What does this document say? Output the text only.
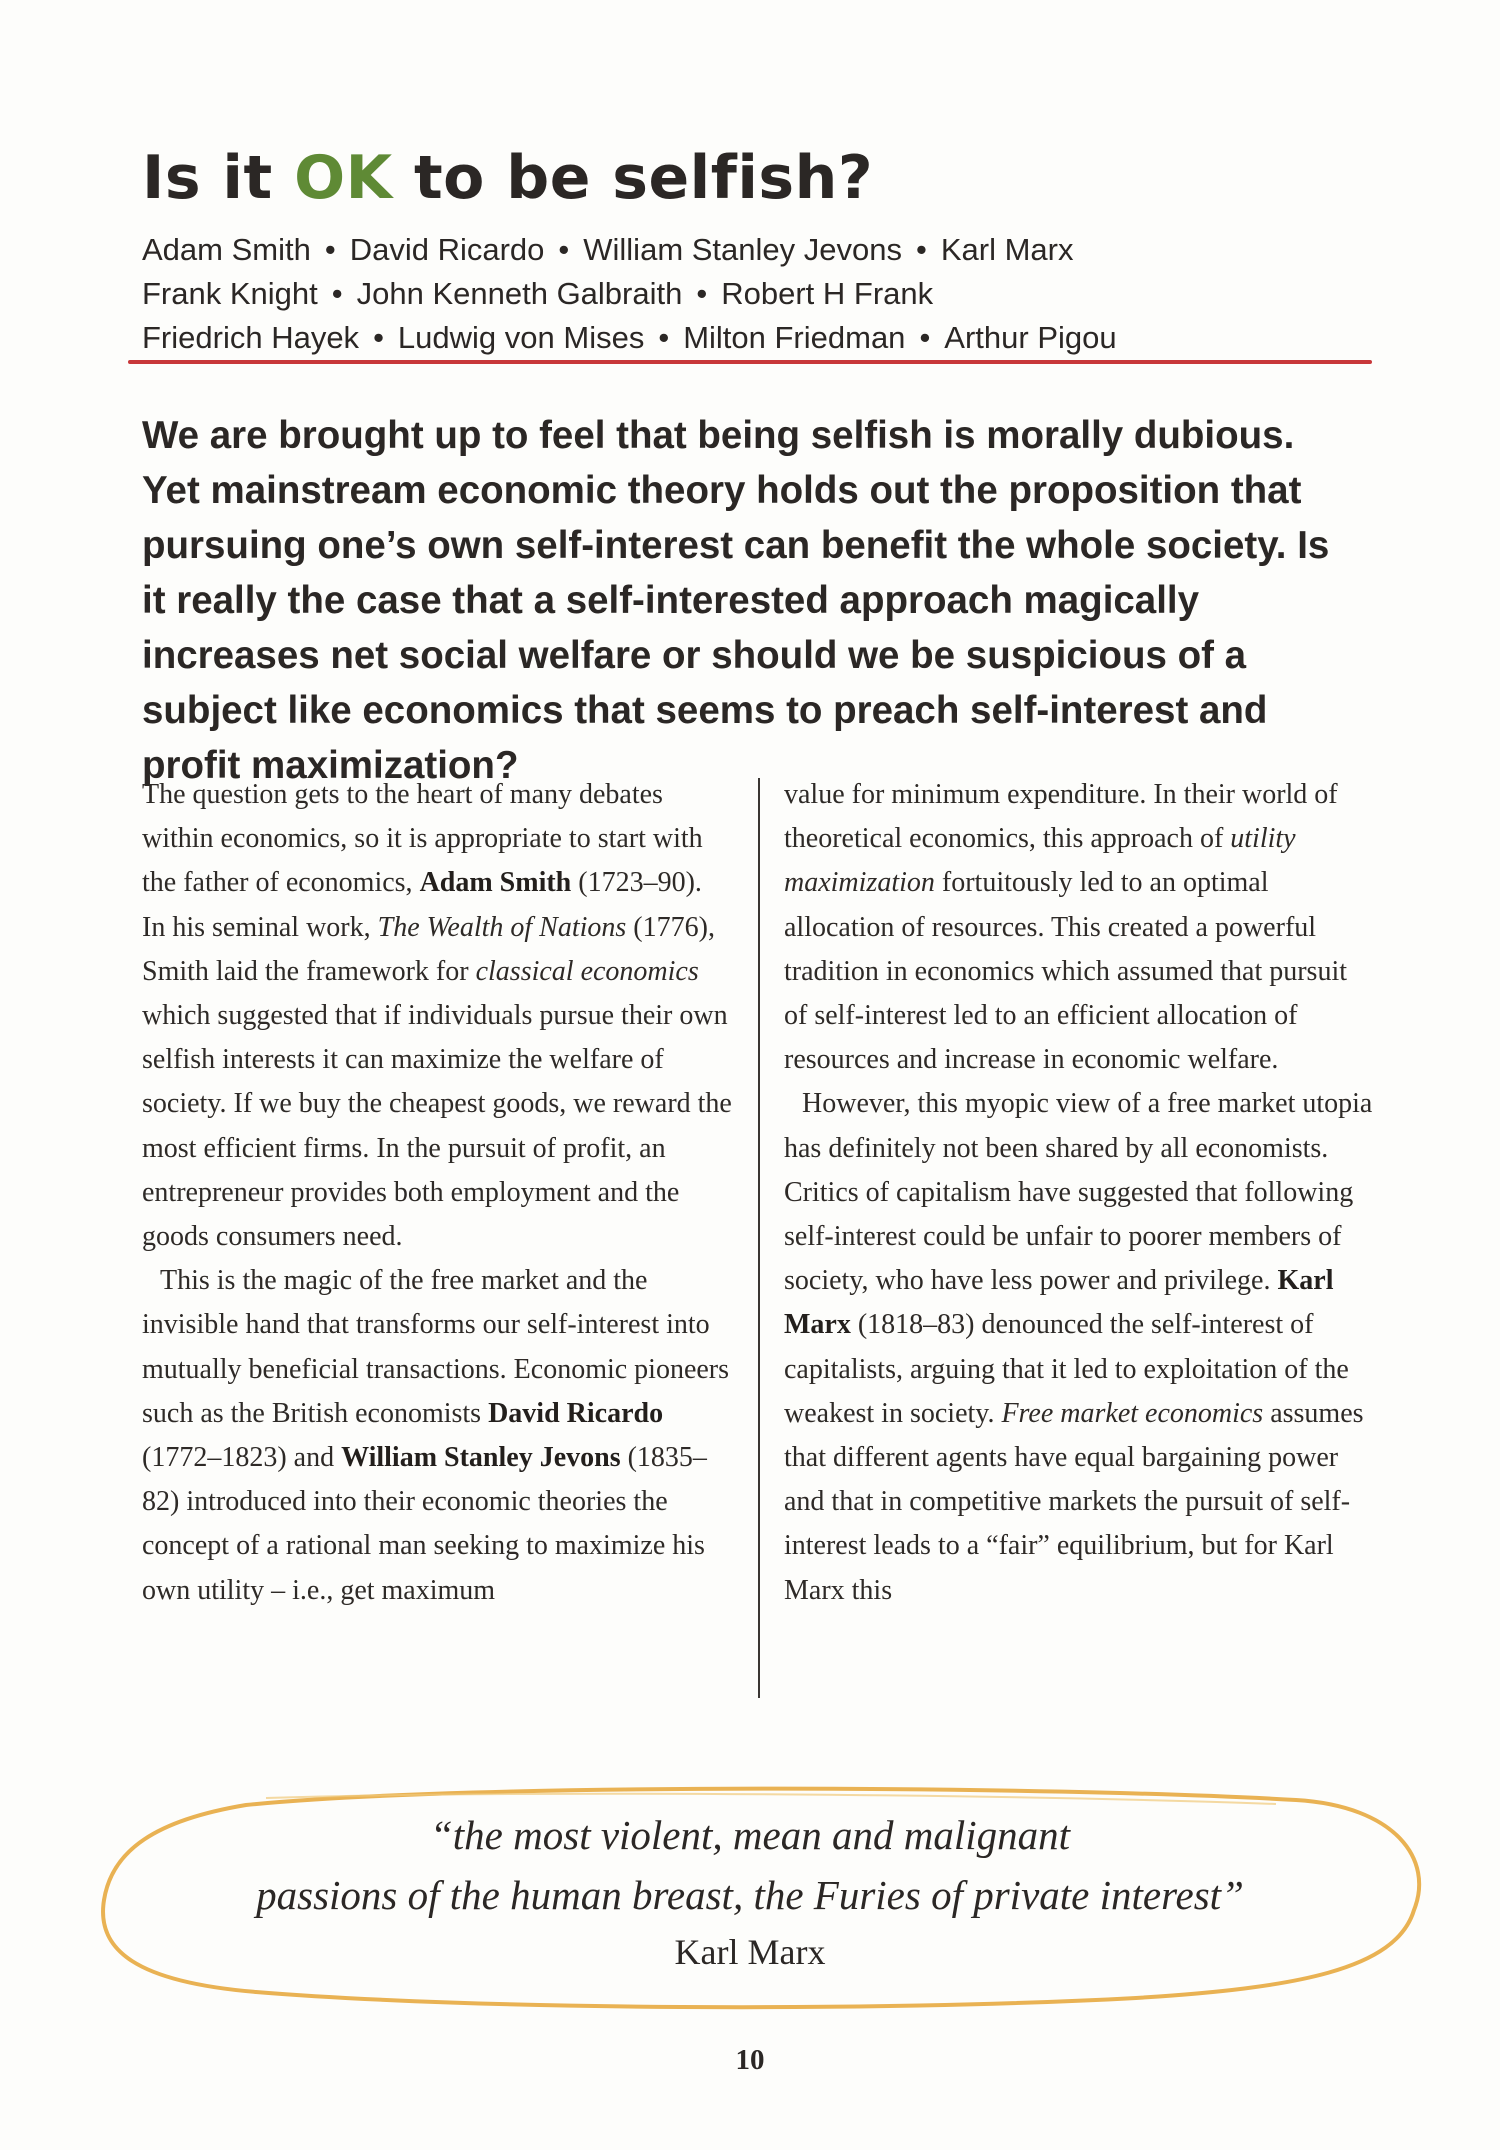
Is it OK to be selfish?
Adam Smith • David Ricardo • William Stanley Jevons • Karl Marx
Frank Knight • John Kenneth Galbraith • Robert H Frank
Friedrich Hayek • Ludwig von Mises • Milton Friedman • Arthur Pigou
We are brought up to feel that being selfish is morally dubious. Yet mainstream economic theory holds out the proposition that pursuing one’s own self-interest can benefit the whole society. Is it really the case that a self-interested approach magically increases net social welfare or should we be suspicious of a subject like economics that seems to preach self-interest and profit maximization?

The question gets to the heart of many debates within economics, so it is appropriate to start with the father of economics, Adam Smith (1723–90). In his seminal work, The Wealth of Nations (1776), Smith laid the framework for classical economics which suggested that if individuals pursue their own selfish interests it can maximize the welfare of society. If we buy the cheapest goods, we reward the most efficient firms. In the pursuit of profit, an entrepreneur provides both employment and the goods consumers need.

This is the magic of the free market and the invisible hand that transforms our self-interest into mutually beneficial transactions. Economic pioneers such as the British economists David Ricardo (1772–1823) and William Stanley Jevons (1835–82) introduced into their economic theories the concept of a rational man seeking to maximize his own utility – i.e., get maximum

value for minimum expenditure. In their world of theoretical economics, this approach of utility maximization fortuitously led to an optimal allocation of resources. This created a powerful tradition in economics which assumed that pursuit of self-interest led to an efficient allocation of resources and increase in economic welfare.

However, this myopic view of a free market utopia has definitely not been shared by all economists. Critics of capitalism have suggested that following self-interest could be unfair to poorer members of society, who have less power and privilege. Karl Marx (1818–83) denounced the self-interest of capitalists, arguing that it led to exploitation of the weakest in society. Free market economics assumes that different agents have equal bargaining power and that in competitive markets the pursuit of self-interest leads to a “fair” equilibrium, but for Karl Marx this

“the most violent, mean and malignant
passions of the human breast, the Furies of private interest”
Karl Marx
10
